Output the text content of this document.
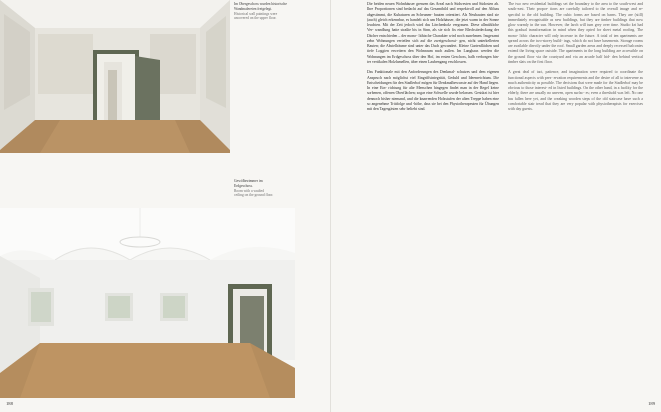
Im Obergeschoss wurden historische Wandmalereien freigelegt.
Historical wall paintings were uncovered on the upper floor.
Gewölbezimmer im Erdgeschoss.
Room with a vaulted ceiling on the ground floor.
188

Die beiden neuen Wohnhäuser grenzen das Areal nach Südwesten und Südosten ab. Ihre Proportionen sind bedacht auf das Gesamtbild und respektvoll auf den Altbau abgestimmt, die Kubaturen an Scheunen- bauten orientiert. Als Neubauten sind sie (auch) gleich erkennbar, es handelt sich um Holzhäuser, die jetzt warm in der Sonne leuchten. Mit der Zeit jedoch wird das Lärchenholz vergrauen. Diese allmähliche Ver- wandlung hatte straßte bis in Sinn, als sie sich fix eine Blechstiedeckung der Dächer entschieden – der mono- lithische Charakter wird noch zunehmen. Insgesamt zehn Wohnungen verteilen sich auf die zweigeschossi- gen, nicht unterkellerten Bauten; die Abstellräume sind unter das Dach gewandert. Kleine Gartenflächen und tiefe Loggien erweitern den Wohnraum nach außen. Im Langhaus werden die Wohnungen im Erdgeschoss über den Hof, im ersten Geschoss, halb verborgen hin- ter vertikalen Holzlamellen, über einen Laubengang erschlossen.

Das Funktionale mit den Anforderungen des Denkmal- schutzes und dem eigenen Anspruch nach möglichst viel Eingriffsintegrität, Geduld und Ideenreichtum. Die Entscheidungen für den Stadlerhof mögen für Denkmalbewusste auf der Hand liegen. In eine Ein- richtung für alte Menschen hingegen findet man in der Regel keine sorbenen, offenen Oberflächen; sogar eine Schwelle wurde belassen. Gestützt ist hier dennoch bisher niemand, und die knarrenden Holzstufen der alten Treppe haben eine so angenehme Trittfolge und -höhe, dass sie bei den Physiotherapeuten für Übungen mit den Tagesgästen sehr beliebt sind.

The two new residential buildings set the boundary to the area to the south-west and south-east. Their propor- tions are carefully tailored to the overall image and re- spectful to the old building. The cubic forms are based on barns. They are (still) immediately recognisable as new buildings, but they are timber buildings that now glow warmly in the sun. However, the larch will turn grey over time. Studio krt had this gradual transformation in mind when they opted for sheet metal roofing. The mono- lithic character will only increase in the future. A total of ten apartments are spread across the two-storey build- ings, which do not have basements. Storage rooms are available directly under the roof. Small garden areas and deeply recessed balconies extend the living space outside. The apartments in the long building are accessible on the ground floor via the courtyard and via an arcade half hid- den behind vertical timber slats on the first floor.

A great deal of tact, patience, and imagination were required to coordinate the functional aspects with pres- ervation requirements and the desire of all to intervene as much authenticity as possible. The decisions that were made for the Stadlerhof may be obvious to those interest- ed in listed buildings. On the other hand, in a facility for the elderly, there are usually no uneven, open surfac- es; even a threshold was left. No one has fallen here yet, and the creaking wooden steps of the old staircase have such a comfortable stair tread that they are very popular with physiotherapists for exercises with day guests.

189
